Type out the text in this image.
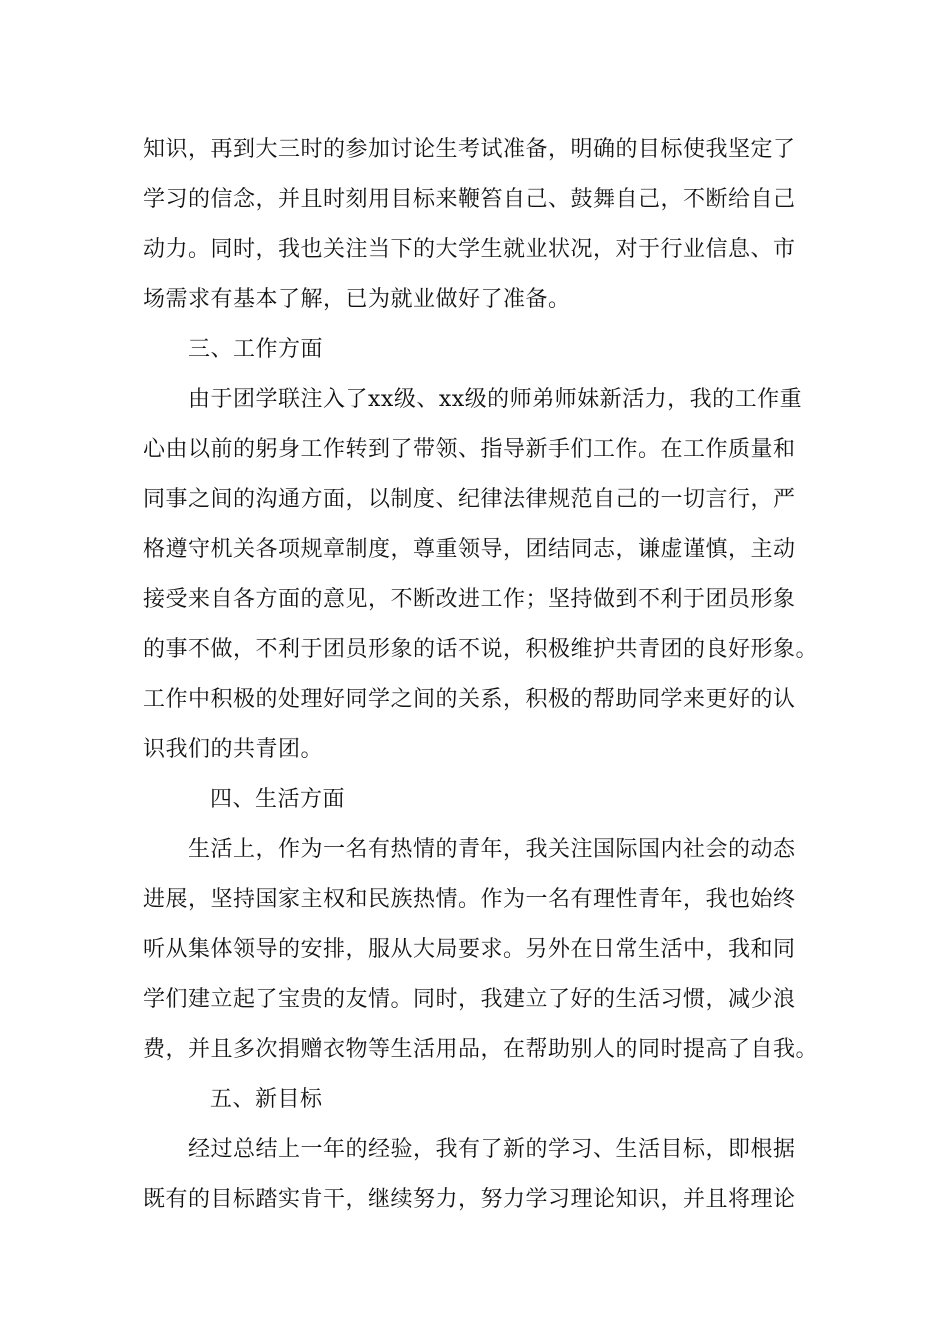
知识，再到大三时的参加讨论生考试准备，明确的目标使我坚定了
学习的信念，并且时刻用目标来鞭笞自己、鼓舞自己，不断给自己
动力。同时，我也关注当下的大学生就业状况，对于行业信息、市
场需求有基本了解，已为就业做好了准备。
三、工作方面
由于团学联注入了xx级、xx级的师弟师妹新活力，我的工作重
心由以前的躬身工作转到了带领、指导新手们工作。在工作质量和
同事之间的沟通方面，以制度、纪律法律规范自己的一切言行，严
格遵守机关各项规章制度，尊重领导，团结同志，谦虚谨慎，主动
接受来自各方面的意见，不断改进工作；坚持做到不利于团员形象
的事不做，不利于团员形象的话不说，积极维护共青团的良好形象。
工作中积极的处理好同学之间的关系，积极的帮助同学来更好的认
识我们的共青团。
四、生活方面
生活上，作为一名有热情的青年，我关注国际国内社会的动态
进展，坚持国家主权和民族热情。作为一名有理性青年，我也始终
听从集体领导的安排，服从大局要求。另外在日常生活中，我和同
学们建立起了宝贵的友情。同时，我建立了好的生活习惯，减少浪
费，并且多次捐赠衣物等生活用品，在帮助别人的同时提高了自我。
五、新目标
经过总结上一年的经验，我有了新的学习、生活目标，即根据
既有的目标踏实肯干，继续努力，努力学习理论知识，并且将理论
